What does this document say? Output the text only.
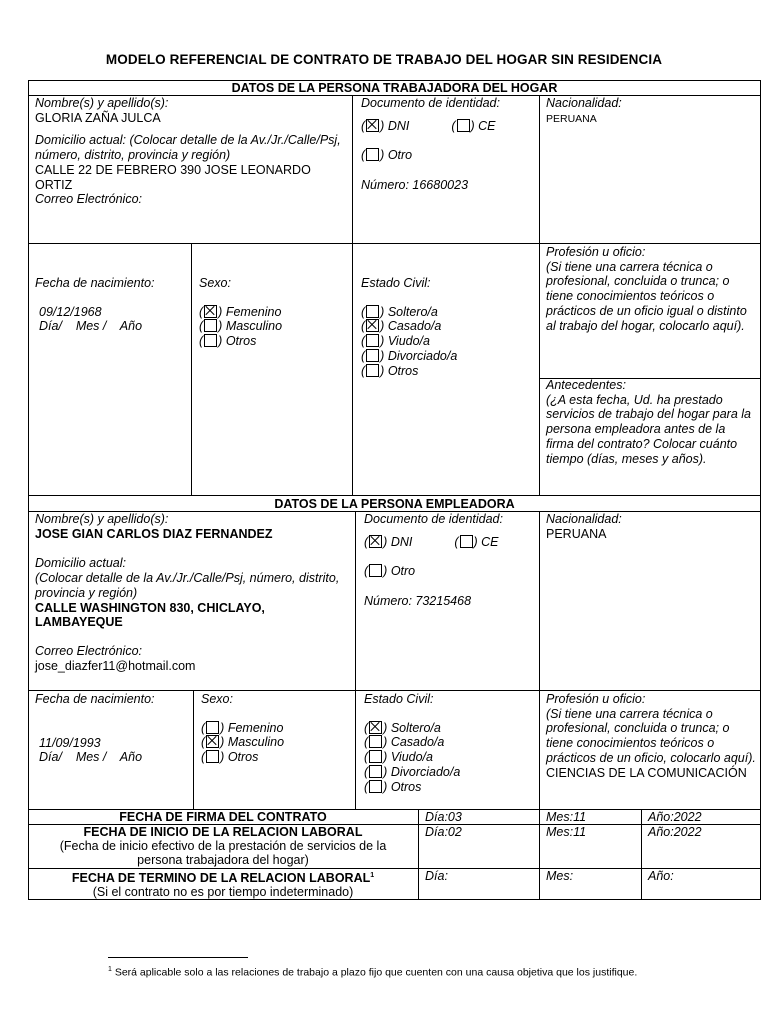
MODELO REFERENCIAL DE CONTRATO DE TRABAJO DEL HOGAR SIN RESIDENCIA
DATOS DE LA PERSONA TRABAJADORA DEL HOGAR
Nombre(s) y apellido(s):
GLORIA ZAÑA JULCA
Domicilio actual: (Colocar detalle de la Av./Jr./Calle/Psj, número, distrito, provincia y región)
CALLE 22 DE FEBRERO 390 JOSE LEONARDO ORTIZ
Correo Electrónico:
Documento de identidad:
( ) DNI	( ) CE
( ) Otro
Número: 16680023
Nacionalidad:
PERUANA
Fecha de nacimiento:
09/12/1968
Día/    Mes /    Año
Sexo:
( ) Femenino
( ) Masculino
( ) Otros
Estado Civil:
( ) Soltero/a
( ) Casado/a
( ) Viudo/a
( ) Divorciado/a
( ) Otros
Profesión u oficio:
(Si tiene una carrera técnica o profesional, concluida o trunca; o tiene conocimientos teóricos o prácticos de un oficio igual o distinto al trabajo del hogar, colocarlo aquí).
Antecedentes:
(¿A esta fecha, Ud. ha prestado servicios de trabajo del hogar para la persona empleadora antes de la firma del contrato? Colocar cuánto tiempo (días, meses y años).
DATOS DE LA PERSONA EMPLEADORA
Nombre(s) y apellido(s):
JOSE GIAN CARLOS DIAZ FERNANDEZ
Domicilio actual:
(Colocar detalle de la Av./Jr./Calle/Psj, número, distrito, provincia y región)
CALLE WASHINGTON 830, CHICLAYO, LAMBAYEQUE
Correo Electrónico:
jose_diazfer11@hotmail.com
Documento de identidad:
( ) DNI	( ) CE
( ) Otro
Número: 73215468
Nacionalidad:
PERUANA
Fecha de nacimiento:
11/09/1993
Día/    Mes /    Año
Sexo:
( ) Femenino
( ) Masculino
( ) Otros
Estado Civil:
( ) Soltero/a
( ) Casado/a
( ) Viudo/a
( ) Divorciado/a
( ) Otros
Profesión u oficio:
(Si tiene una carrera técnica o profesional, concluida o trunca; o tiene conocimientos teóricos o prácticos de un oficio, colocarlo aquí).
CIENCIAS DE LA COMUNICACIÓN
FECHA DE FIRMA DEL CONTRATO	Día:03	Mes:11	Año:2022
FECHA DE INICIO DE LA RELACION LABORAL
(Fecha de inicio efectivo de la prestación de servicios de la persona trabajadora del hogar)
Día:02	Mes:11	Año:2022
FECHA DE TERMINO DE LA RELACION LABORAL$^1$
(Si el contrato no es por tiempo indeterminado)
Día:	Mes:	Año:
$^1$ Será aplicable solo a las relaciones de trabajo a plazo fijo que cuenten con una causa objetiva que los justifique.
